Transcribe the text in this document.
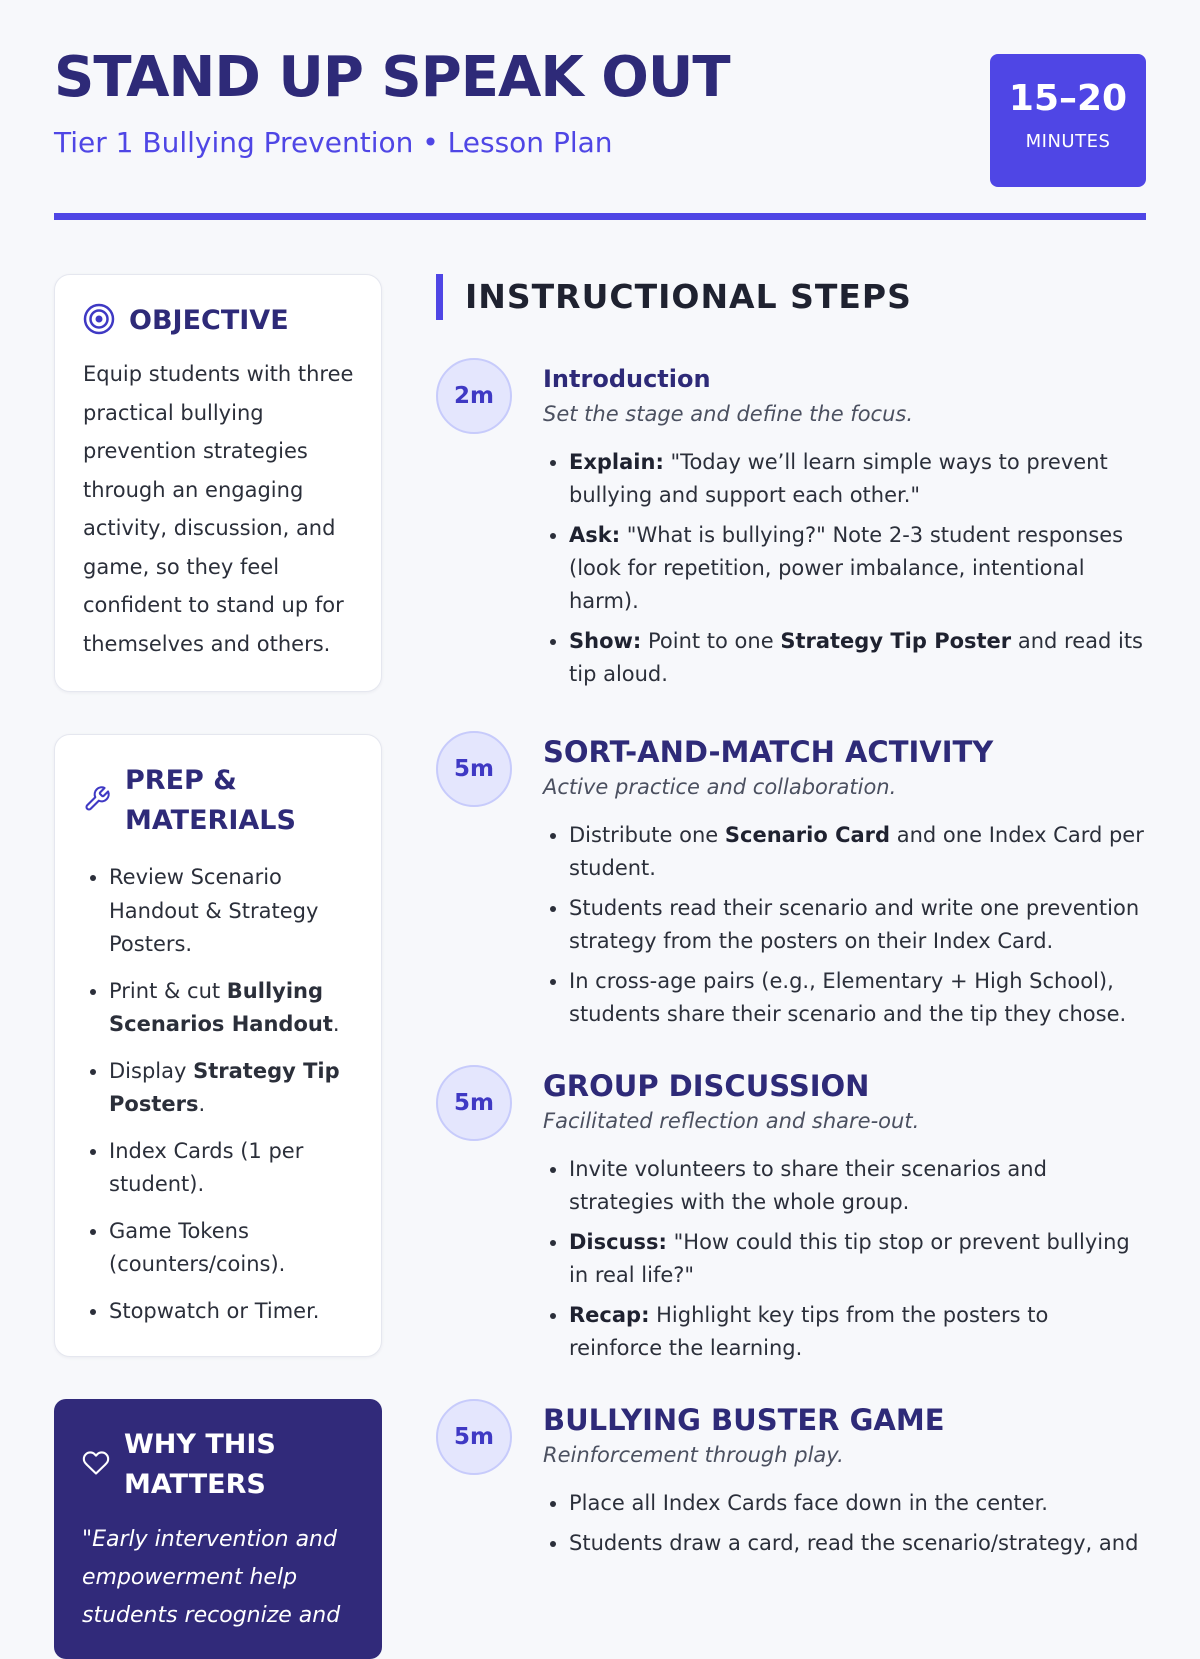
STAND UP SPEAK OUT
Tier 1 Bullying Prevention • Lesson Plan
15–20
MINUTES
OBJECTIVE

Equip students with three practical bullying prevention strategies through an engaging activity, discussion, and game, so they feel confident to stand up for themselves and others.

PREP &
MATERIALS
• Review Scenario Handout & Strategy Posters.
• Print & cut Bullying Scenarios Handout.
• Display Strategy Tip Posters.
• Index Cards (1 per student).
• Game Tokens (counters/coins).
• Stopwatch or Timer.
WHY THIS
MATTERS
"Early intervention and empowerment help students recognize and
INSTRUCTIONAL STEPS
2m
Introduction
Set the stage and define the focus.
• Explain: "Today we’ll learn simple ways to prevent bullying and support each other."
• Ask: "What is bullying?" Note 2-3 student responses (look for repetition, power imbalance, intentional harm).
• Show: Point to one Strategy Tip Poster and read its tip aloud.
5m	SORT-AND-MATCH ACTIVITY
Active practice and collaboration.
• Distribute one Scenario Card and one Index Card per student.
• Students read their scenario and write one prevention strategy from the posters on their Index Card.
• In cross-age pairs (e.g., Elementary + High School), students share their scenario and the tip they chose.
5m	GROUP DISCUSSION
Facilitated reflection and share-out.
• Invite volunteers to share their scenarios and strategies with the whole group.
• Discuss: "How could this tip stop or prevent bullying in real life?"
• Recap: Highlight key tips from the posters to reinforce the learning.
5m	BULLYING BUSTER GAME
Reinforcement through play.
• Place all Index Cards face down in the center.
• Students draw a card, read the scenario/strategy, and
